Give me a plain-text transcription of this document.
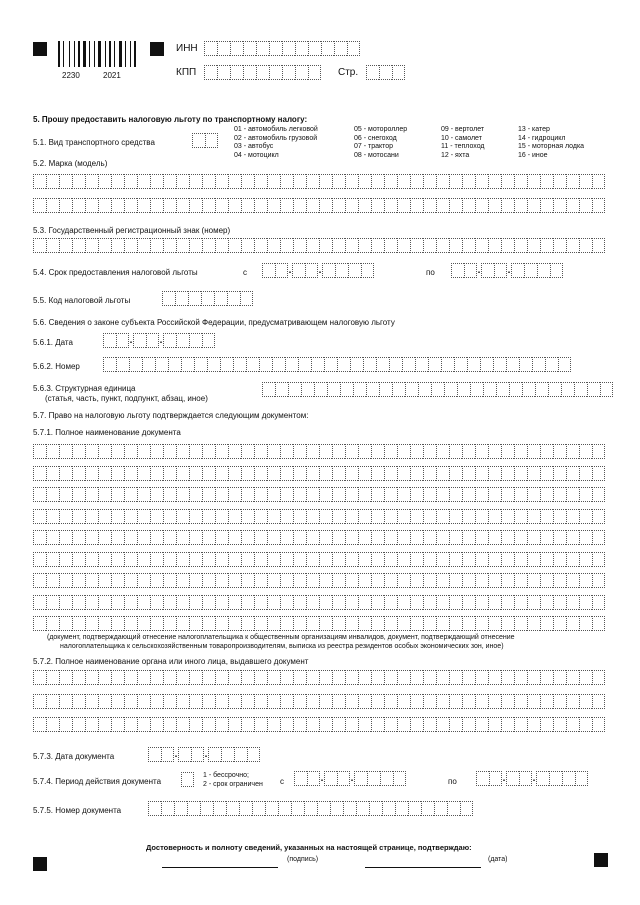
2230	2021
ИНН
КПП	Стр.
5. Прошу предоставить налоговую льготу по транспортному налогу:
5.1. Вид транспортного средства
01 - автомобиль легковой
02 - автомобиль грузовой
03 - автобус
04 - мотоцикл
05 - мотороллер
06 - снегоход
07 - трактор
08 - мотосани
09 - вертолет
10 - самолет
11 - теплоход
12 - яхта
13 - катер
14 - гидроцикл
15 - моторная лодка
16 - иное
5.2. Марка (модель)
5.3. Государственный регистрационный знак (номер)
5.4. Срок предоставления налоговой льготы	с	.	.	по	.	.
5.5. Код налоговой льготы
5.6. Сведения о законе субъекта Российской Федерации, предусматривающем налоговую льготу
5.6.1. Дата	.	.
5.6.2. Номер
5.6.3. Структурная единица
(статья, часть, пункт, подпункт, абзац, иное)
5.7. Право на налоговую льготу подтверждается следующим документом:
5.7.1. Полное наименование документа
(документ, подтверждающий отнесение налогоплательщика к общественным организациям инвалидов, документ, подтверждающий отнесение
налогоплательщика к сельскохозяйственным товаропроизводителям, выписка из реестра резидентов особых экономических зон, иное)
5.7.2. Полное наименование органа или иного лица, выдавшего документ
5.7.3. Дата документа	.	.
5.7.4. Период действия документа
1 - бессрочно;
2 - срок ограничен с	.	.	по	.	.
5.7.5. Номер документа
Достоверность и полноту сведений, указанных на настоящей странице, подтверждаю:
(подпись)	(дата)
